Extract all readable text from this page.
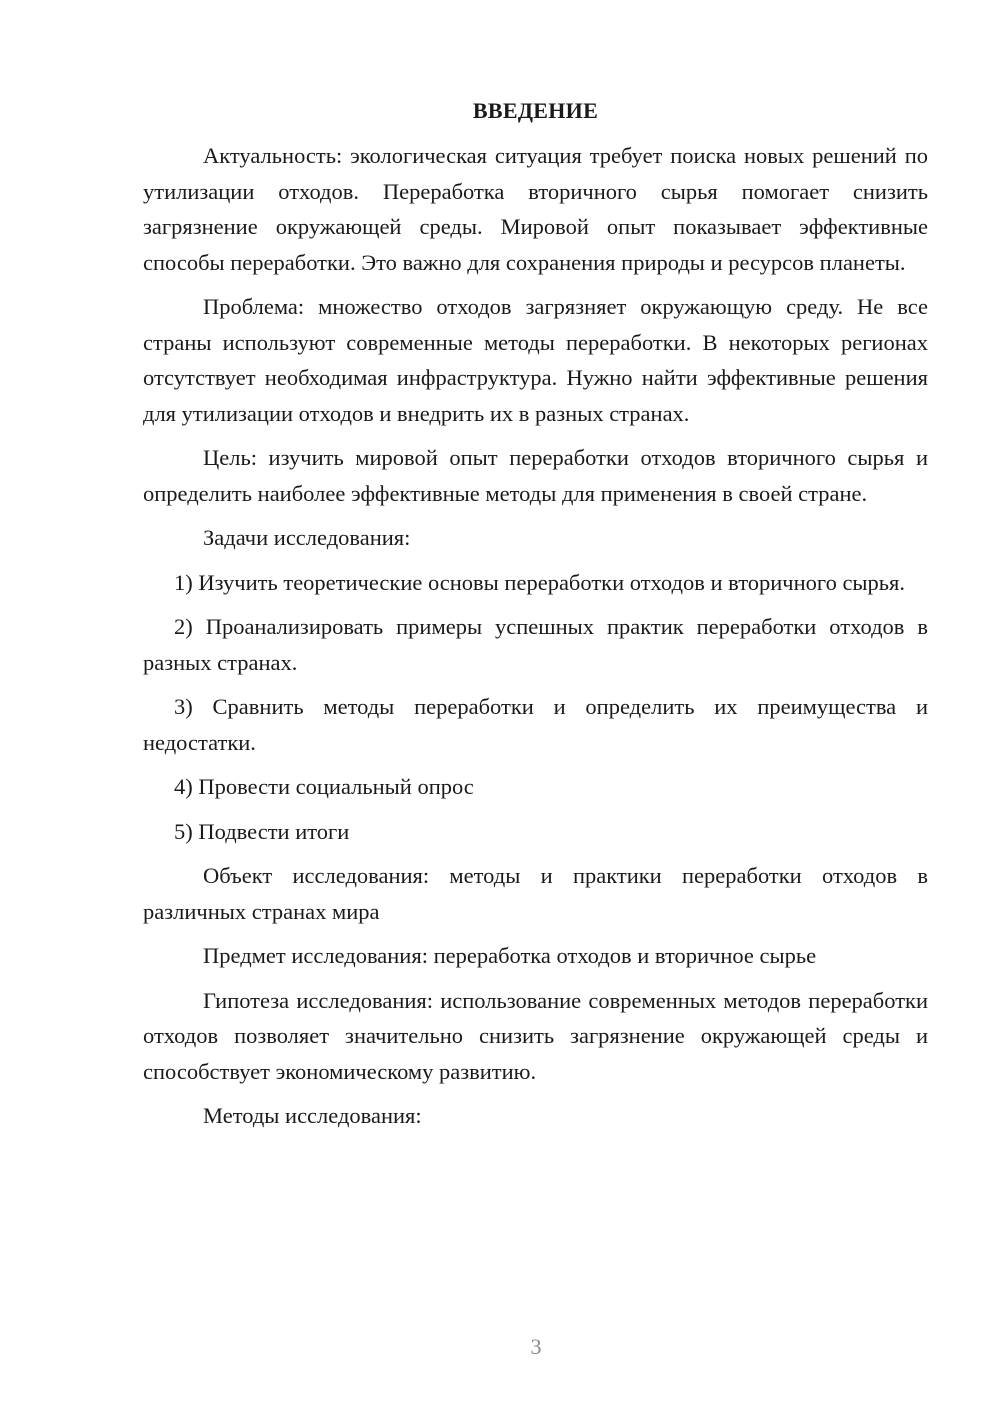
ВВЕДЕНИЕ

Актуальность: экологическая ситуация требует поиска новых решений по утилизации отходов. Переработка вторичного сырья помогает снизить загрязнение окружающей среды. Мировой опыт показывает эффективные способы переработки. Это важно для сохранения природы и ресурсов планеты.

Проблема: множество отходов загрязняет окружающую среду. Не все страны используют современные методы переработки. В некоторых регионах отсутствует необходимая инфраструктура. Нужно найти эффективные решения для утилизации отходов и внедрить их в разных странах.

Цель: изучить мировой опыт переработки отходов вторичного сырья и определить наиболее эффективные методы для применения в своей стране.

Задачи исследования:

1) Изучить теоретические основы переработки отходов и вторичного сырья.

2) Проанализировать примеры успешных практик переработки отходов в разных странах.

3) Сравнить методы переработки и определить их преимущества и недостатки.

4) Провести социальный опрос

5) Подвести итоги

Объект исследования: методы и практики переработки отходов в различных странах мира

Предмет исследования: переработка отходов и вторичное сырье

Гипотеза исследования: использование современных методов переработки отходов позволяет значительно снизить загрязнение окружающей среды и способствует экономическому развитию.

Методы исследования:

3
